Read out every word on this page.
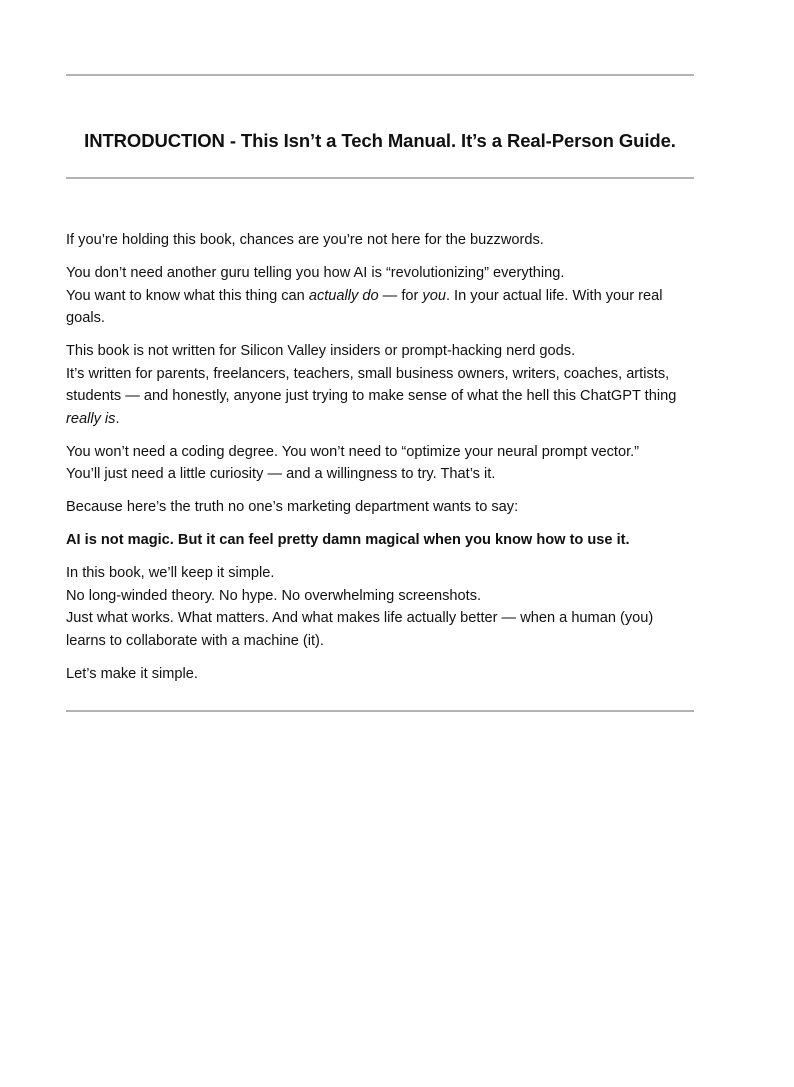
INTRODUCTION - This Isn’t a Tech Manual. It’s a Real-Person Guide.

If you’re holding this book, chances are you’re not here for the buzzwords.

You don’t need another guru telling you how AI is “revolutionizing” everything.
You want to know what this thing can actually do — for you. In your actual life. With your real goals.

This book is not written for Silicon Valley insiders or prompt-hacking nerd gods.
It’s written for parents, freelancers, teachers, small business owners, writers, coaches, artists, students — and honestly, anyone just trying to make sense of what the hell this ChatGPT thing really is.

You won’t need a coding degree. You won’t need to “optimize your neural prompt vector.”
You’ll just need a little curiosity — and a willingness to try. That’s it.

Because here’s the truth no one’s marketing department wants to say:

AI is not magic. But it can feel pretty damn magical when you know how to use it.

In this book, we’ll keep it simple.
No long-winded theory. No hype. No overwhelming screenshots.
Just what works. What matters. And what makes life actually better — when a human (you) learns to collaborate with a machine (it).

Let’s make it simple.
